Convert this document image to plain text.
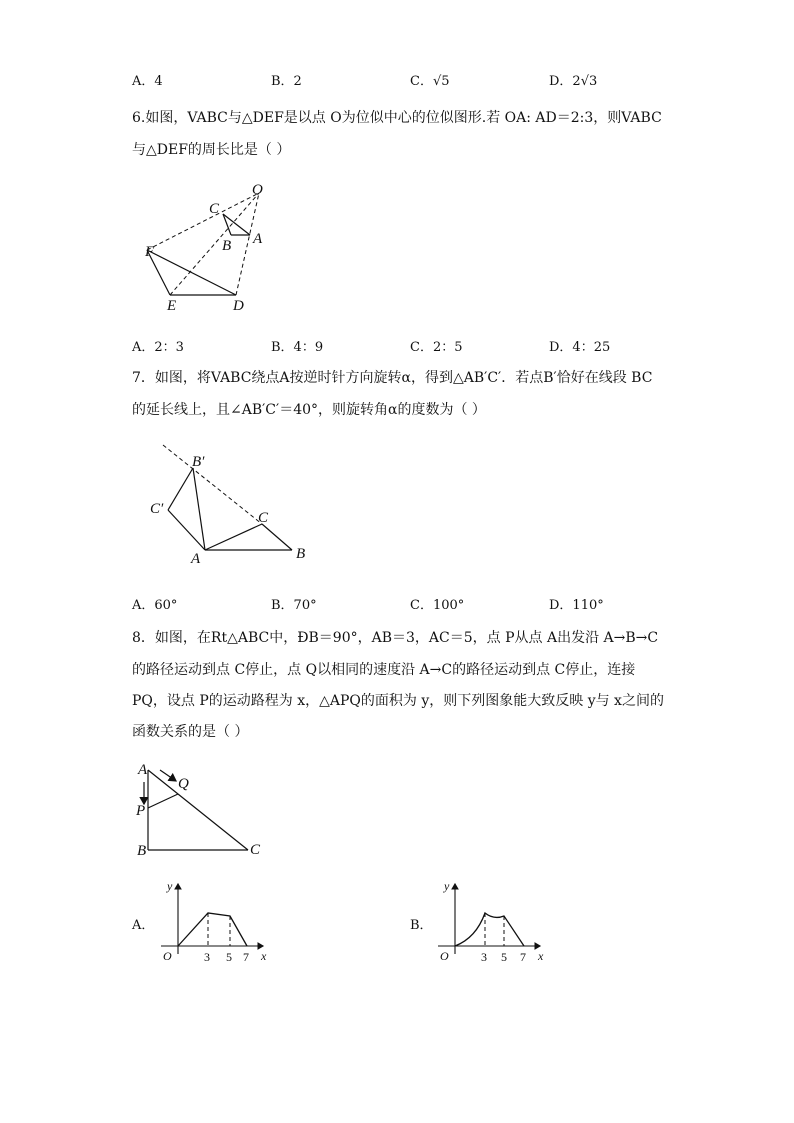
A．4	B．2	C．√5	D．2√3
6.如图，VABC与△DEF是以点 O为位似中心的位似图形.若 OA: AD＝2:3，则VABC
与△DEF的周长比是（ ）
O
C
B A
F
E	D
A．2：3	B．4：9	C．2：5	D．4：25
7．如图，将VABC绕点A按逆时针方向旋转α，得到△AB′C′．若点B′恰好在线段 BC
的延长线上，且∠AB′C′＝40°，则旋转角α的度数为（ ）
B′
C′
C
A	B
A．60°	B．70°	C．100°	D．110°
8．如图，在Rt△ABC中，ÐB＝90°，AB＝3，AC＝5，点 P从点 A出发沿 A→B→C
的路径运动到点 C停止，点 Q以相同的速度沿 A→C的路径运动到点 C停止，连接
PQ，设点 P的运动路程为 x，△APQ的面积为 y，则下列图象能大致反映 y与 x之间的
函数关系的是（ ）
A
Q
P
B	C
A．
y
x
O	3 5 7
B．
y
x
O	3 5 7
